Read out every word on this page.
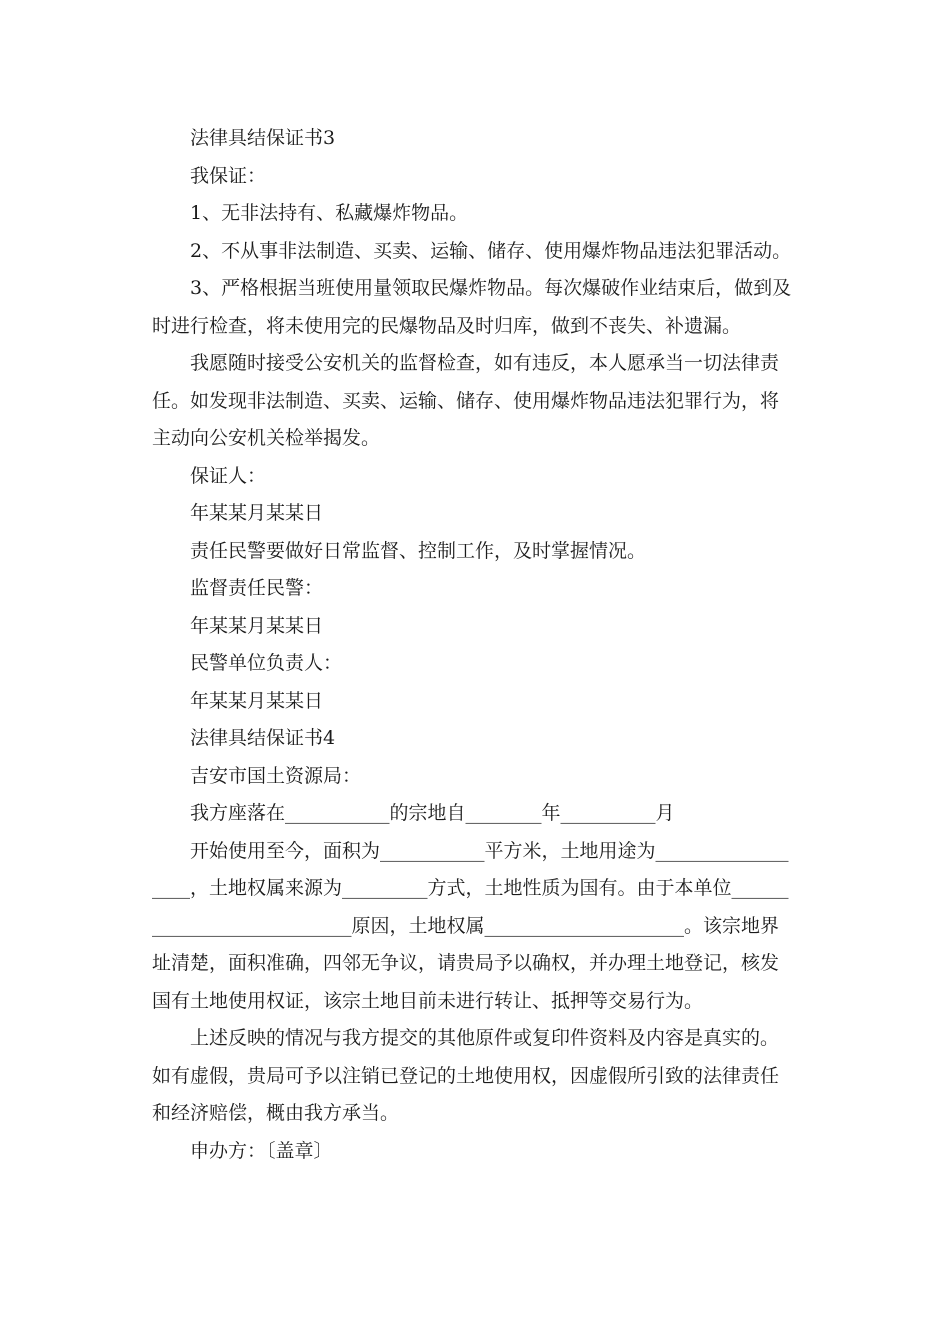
法律具结保证书3

我保证：

1、无非法持有、私藏爆炸物品。

2、不从事非法制造、买卖、运输、储存、使用爆炸物品违法犯罪活动。

3、严格根据当班使用量领取民爆炸物品。每次爆破作业结束后，做到及时进行检查，将未使用完的民爆物品及时归库，做到不丧失、补遗漏。

我愿随时接受公安机关的监督检查，如有违反，本人愿承当一切法律责任。如发现非法制造、买卖、运输、储存、使用爆炸物品违法犯罪行为，将主动向公安机关检举揭发。

保证人：

年某某月某某日

责任民警要做好日常监督、控制工作，及时掌握情况。

监督责任民警：

年某某月某某日

民警单位负责人：

年某某月某某日

法律具结保证书4

吉安市国土资源局：

我方座落在___________的宗地自________年__________月

开始使用至今，面积为___________平方米，土地用途为__________________，土地权属来源为_________方式，土地性质为国有。由于本单位___________________________原因，土地权属_____________________。该宗地界址清楚，面积准确，四邻无争议，请贵局予以确权，并办理土地登记，核发国有土地使用权证，该宗土地目前未进行转让、抵押等交易行为。

上述反映的情况与我方提交的其他原件或复印件资料及内容是真实的。如有虚假，贵局可予以注销已登记的土地使用权，因虚假所引致的法律责任和经济赔偿，概由我方承当。

申办方：〔盖章〕
